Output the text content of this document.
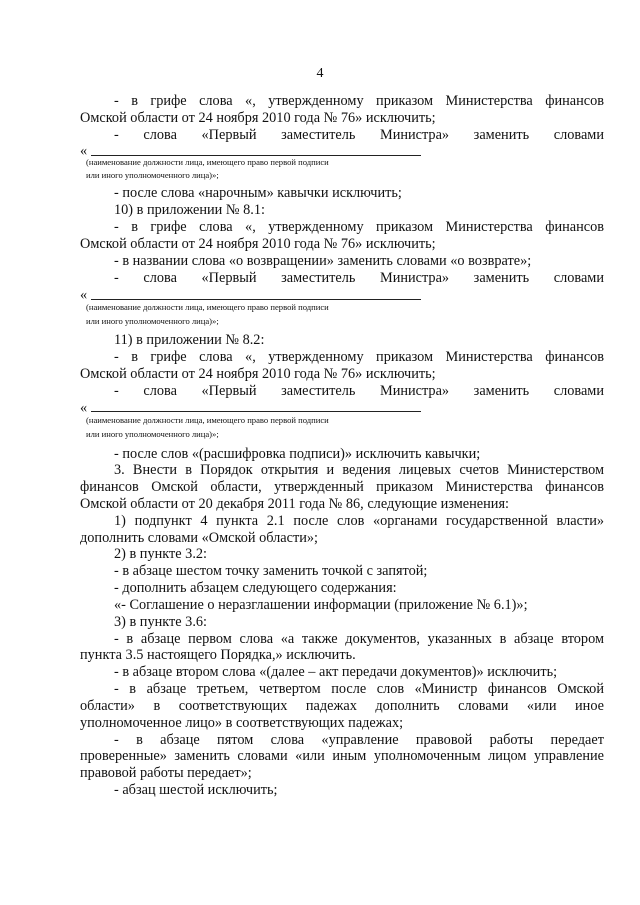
4
- в грифе слова «, утвержденному приказом Министерства финансов
Омской области от 24 ноября 2010 года № 76» исключить;
- слова «Первый заместитель Министра» заменить словами
«
(наименование должности лица, имеющего право первой подписи
или иного уполномоченного лица)»;
- после слова «нарочным» кавычки исключить;
10) в приложении № 8.1:
- в грифе слова «, утвержденному приказом Министерства финансов
Омской области от 24 ноября 2010 года № 76» исключить;
- в названии слова «о возвращении» заменить словами «о возврате»;
- слова «Первый заместитель Министра» заменить словами
«
(наименование должности лица, имеющего право первой подписи
или иного уполномоченного лица)»;
11) в приложении № 8.2:
- в грифе слова «, утвержденному приказом Министерства финансов
Омской области от 24 ноября 2010 года № 76» исключить;
- слова «Первый заместитель Министра» заменить словами
«
(наименование должности лица, имеющего право первой подписи
или иного уполномоченного лица)»;
- после слов «(расшифровка подписи)» исключить кавычки;
3. Внести в Порядок открытия и ведения лицевых счетов Министерством
финансов Омской области, утвержденный приказом Министерства финансов
Омской области от 20 декабря 2011 года № 86, следующие изменения:
1) подпункт 4 пункта 2.1 после слов «органами государственной власти»
дополнить словами «Омской области»;
2) в пункте 3.2:
- в абзаце шестом точку заменить точкой с запятой;
- дополнить абзацем следующего содержания:
«- Соглашение о неразглашении информации (приложение № 6.1)»;
3) в пункте 3.6:
- в абзаце первом слова «а также документов, указанных в абзаце втором
пункта 3.5 настоящего Порядка,» исключить.
- в абзаце втором слова «(далее – акт передачи документов)» исключить;
- в абзаце третьем, четвертом после слов «Министр финансов Омской
области» в соответствующих падежах дополнить словами «или иное
уполномоченное лицо» в соответствующих падежах;
- в абзаце пятом слова «управление правовой работы передает
проверенные» заменить словами «или иным уполномоченным лицом управление
правовой работы передает»;
- абзац шестой исключить;
